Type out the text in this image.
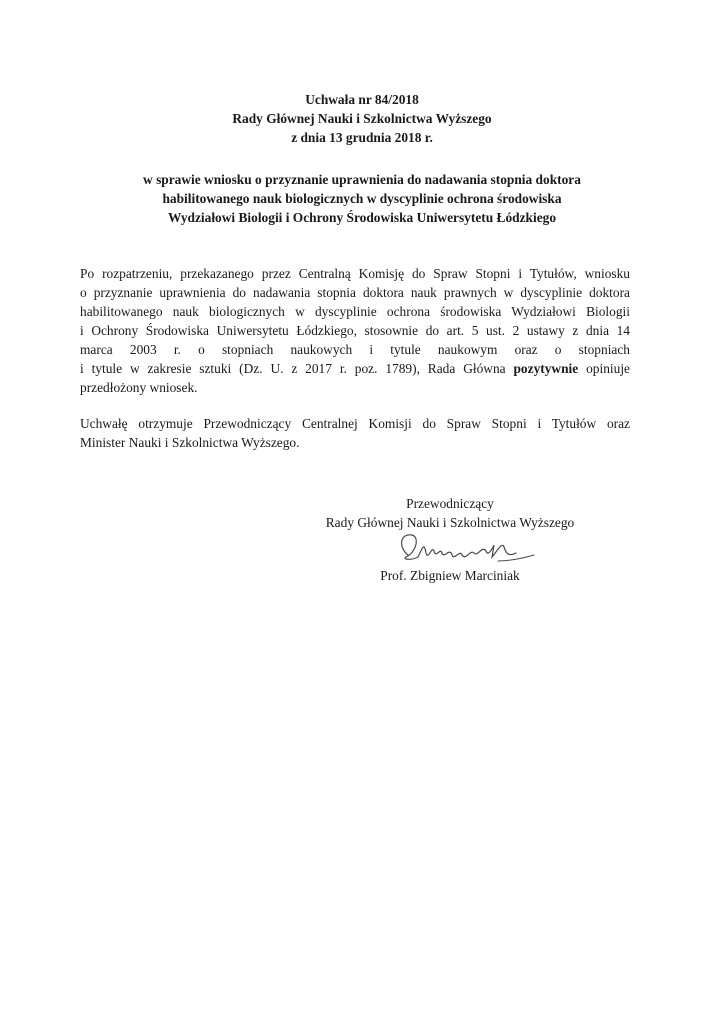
Uchwała nr 84/2018
Rady Głównej Nauki i Szkolnictwa Wyższego
z dnia 13 grudnia 2018 r.
w sprawie wniosku o przyznanie uprawnienia do nadawania stopnia doktora
habilitowanego nauk biologicznych w dyscyplinie ochrona środowiska
Wydziałowi Biologii i Ochrony Środowiska Uniwersytetu Łódzkiego
Po rozpatrzeniu, przekazanego przez Centralną Komisję do Spraw Stopni i Tytułów, wniosku
o przyznanie uprawnienia do nadawania stopnia doktora nauk prawnych w dyscyplinie doktora
habilitowanego nauk biologicznych w dyscyplinie ochrona środowiska Wydziałowi Biologii
i Ochrony Środowiska Uniwersytetu Łódzkiego, stosownie do art. 5 ust. 2 ustawy z dnia 14
marca 2003 r. o stopniach naukowych i tytule naukowym oraz o stopniach
i tytule w zakresie sztuki (Dz. U. z 2017 r. poz. 1789), Rada Główna pozytywnie opiniuje
przedłożony wniosek.
Uchwałę otrzymuje Przewodniczący Centralnej Komisji do Spraw Stopni i Tytułów oraz
Minister Nauki i Szkolnictwa Wyższego.
Przewodniczący
Rady Głównej Nauki i Szkolnictwa Wyższego
Prof. Zbigniew Marciniak
